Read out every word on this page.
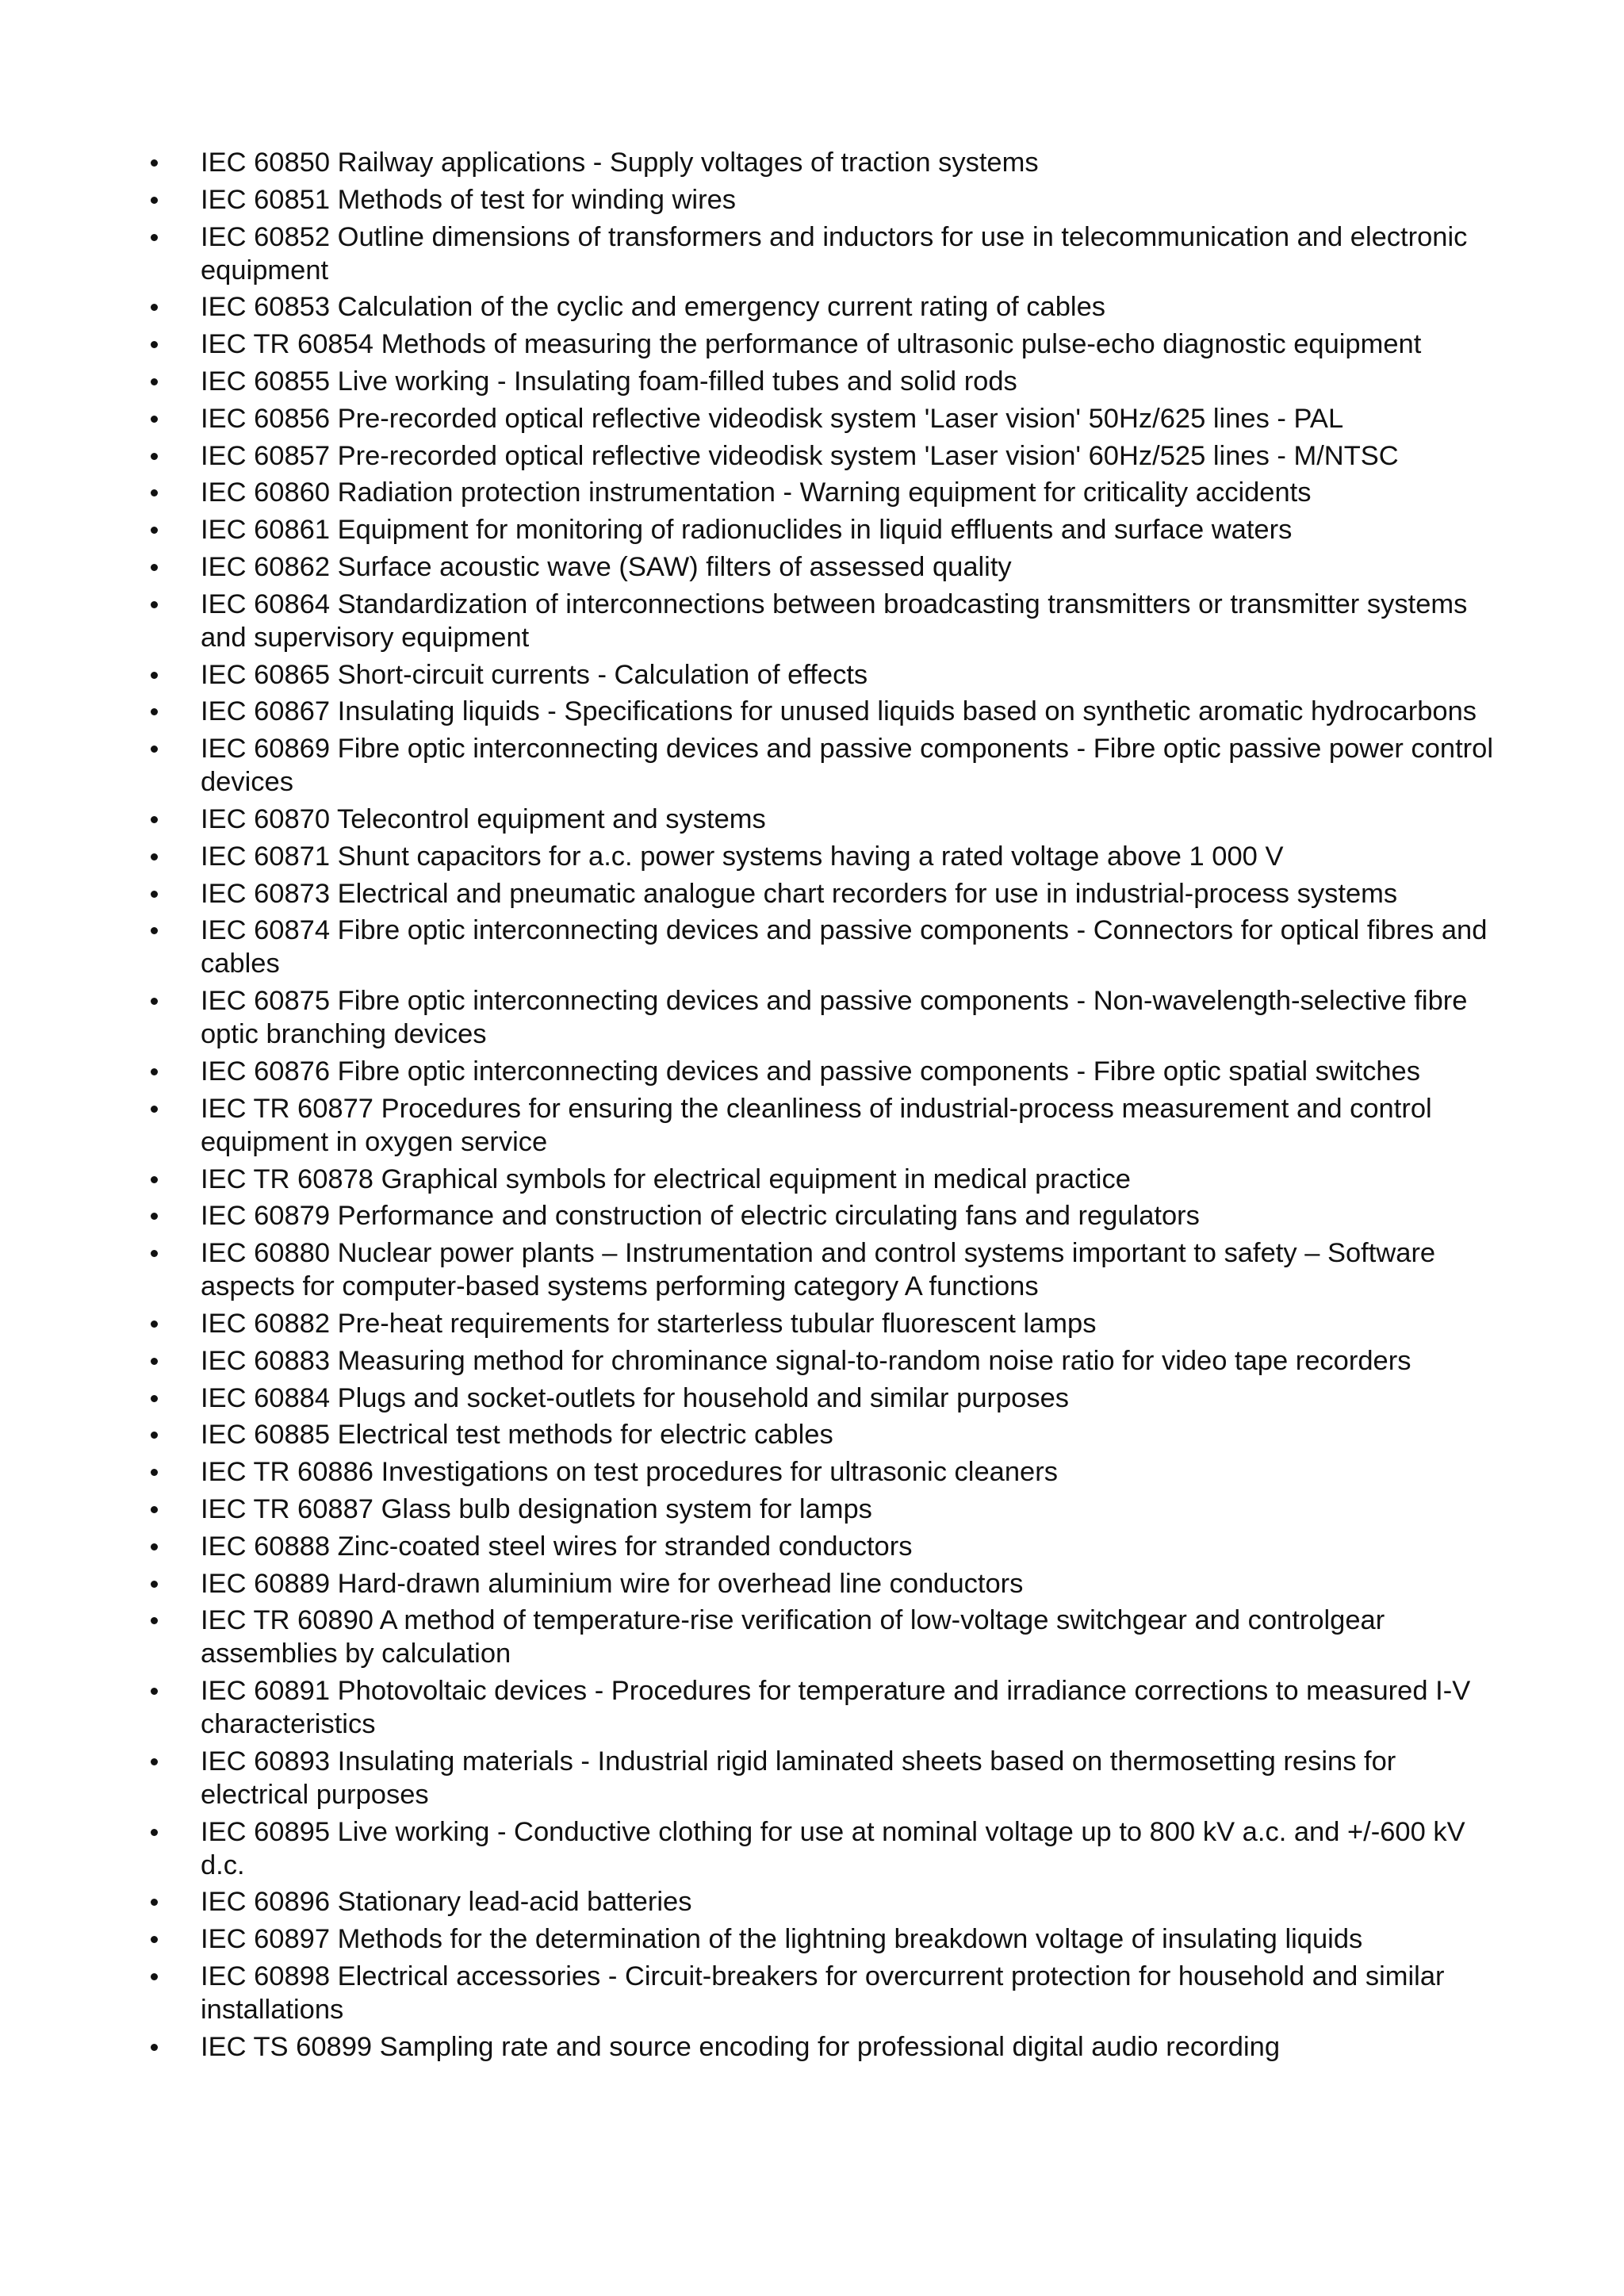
IEC 60850 Railway applications - Supply voltages of traction systems
IEC 60851 Methods of test for winding wires
IEC 60852 Outline dimensions of transformers and inductors for use in telecommunication and electronic equipment
IEC 60853 Calculation of the cyclic and emergency current rating of cables
IEC TR 60854 Methods of measuring the performance of ultrasonic pulse-echo diagnostic equipment
IEC 60855 Live working - Insulating foam-filled tubes and solid rods
IEC 60856 Pre-recorded optical reflective videodisk system 'Laser vision' 50Hz/625 lines - PAL
IEC 60857 Pre-recorded optical reflective videodisk system 'Laser vision' 60Hz/525 lines - M/NTSC
IEC 60860 Radiation protection instrumentation - Warning equipment for criticality accidents
IEC 60861 Equipment for monitoring of radionuclides in liquid effluents and surface waters
IEC 60862 Surface acoustic wave (SAW) filters of assessed quality
IEC 60864 Standardization of interconnections between broadcasting transmitters or transmitter systems and supervisory equipment
IEC 60865 Short-circuit currents - Calculation of effects
IEC 60867 Insulating liquids - Specifications for unused liquids based on synthetic aromatic hydrocarbons
IEC 60869 Fibre optic interconnecting devices and passive components - Fibre optic passive power control devices
IEC 60870 Telecontrol equipment and systems
IEC 60871 Shunt capacitors for a.c. power systems having a rated voltage above 1 000 V
IEC 60873 Electrical and pneumatic analogue chart recorders for use in industrial-process systems
IEC 60874 Fibre optic interconnecting devices and passive components - Connectors for optical fibres and cables
IEC 60875 Fibre optic interconnecting devices and passive components - Non-wavelength-selective fibre optic branching devices
IEC 60876 Fibre optic interconnecting devices and passive components - Fibre optic spatial switches
IEC TR 60877 Procedures for ensuring the cleanliness of industrial-process measurement and control equipment in oxygen service
IEC TR 60878 Graphical symbols for electrical equipment in medical practice
IEC 60879 Performance and construction of electric circulating fans and regulators
IEC 60880 Nuclear power plants – Instrumentation and control systems important to safety – Software aspects for computer-based systems performing category A functions
IEC 60882 Pre-heat requirements for starterless tubular fluorescent lamps
IEC 60883 Measuring method for chrominance signal-to-random noise ratio for video tape recorders
IEC 60884 Plugs and socket-outlets for household and similar purposes
IEC 60885 Electrical test methods for electric cables
IEC TR 60886 Investigations on test procedures for ultrasonic cleaners
IEC TR 60887 Glass bulb designation system for lamps
IEC 60888 Zinc-coated steel wires for stranded conductors
IEC 60889 Hard-drawn aluminium wire for overhead line conductors
IEC TR 60890 A method of temperature-rise verification of low-voltage switchgear and controlgear assemblies by calculation
IEC 60891 Photovoltaic devices - Procedures for temperature and irradiance corrections to measured I-V characteristics
IEC 60893 Insulating materials - Industrial rigid laminated sheets based on thermosetting resins for electrical purposes
IEC 60895 Live working - Conductive clothing for use at nominal voltage up to 800 kV a.c. and +/-600 kV d.c.
IEC 60896 Stationary lead-acid batteries
IEC 60897 Methods for the determination of the lightning breakdown voltage of insulating liquids
IEC 60898 Electrical accessories - Circuit-breakers for overcurrent protection for household and similar installations
IEC TS 60899 Sampling rate and source encoding for professional digital audio recording
